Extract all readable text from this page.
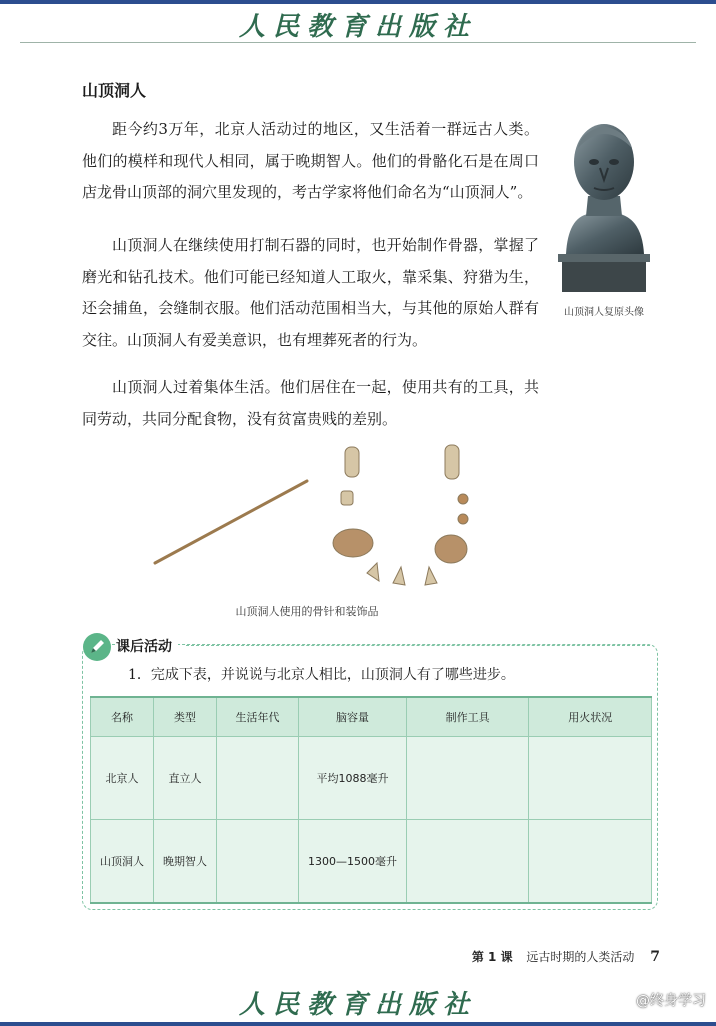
人民教育出版社
山顶洞人

距今约3万年，北京人活动过的地区，又生活着一群远古人类。他们的模样和现代人相同，属于晚期智人。他们的骨骼化石是在周口店龙骨山顶部的洞穴里发现的，考古学家将他们命名为“山顶洞人”。

山顶洞人在继续使用打制石器的同时，也开始制作骨器，掌握了磨光和钻孔技术。他们可能已经知道人工取火，靠采集、狩猎为生，还会捕鱼，会缝制衣服。他们活动范围相当大，与其他的原始人群有交往。山顶洞人有爱美意识，也有埋葬死者的行为。

山顶洞人过着集体生活。他们居住在一起，使用共有的工具，共同劳动，共同分配食物，没有贫富贵贱的差别。

山顶洞人复原头像
山顶洞人使用的骨针和装饰品
课后活动
1．完成下表，并说说与北京人相比，山顶洞人有了哪些进步。
名称	类型	生活年代	脑容量	制作工具	用火状况
北京人	直立人		平均1088毫升		
山顶洞人	晚期智人		1300—1500毫升		
第 1 课 远古时期的人类活动 7
人民教育出版社	@终身学习
